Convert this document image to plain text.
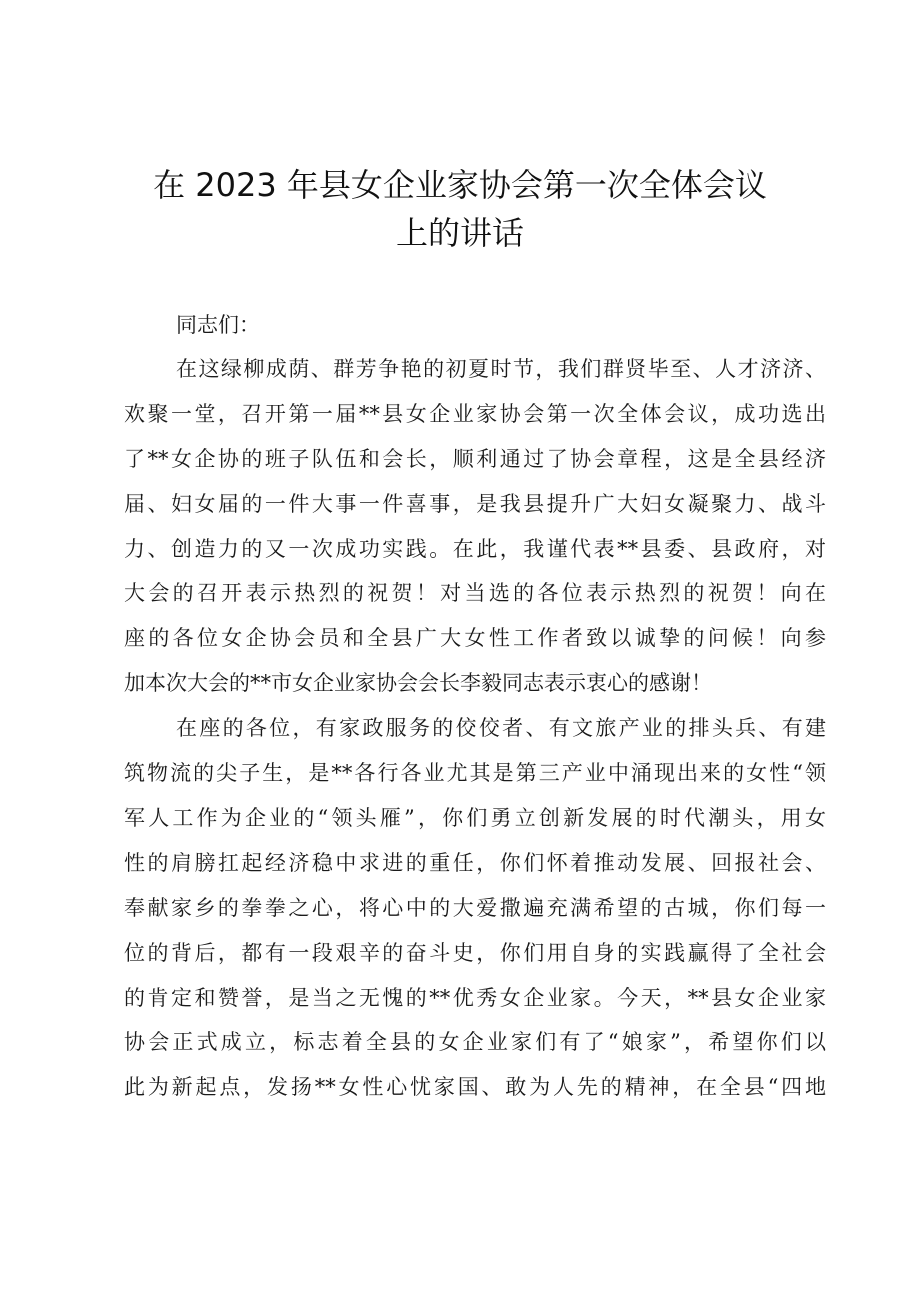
在 2023 年县女企业家协会第一次全体会议
上的讲话
同志们：
在这绿柳成荫、群芳争艳的初夏时节，我们群贤毕至、人才济济、
欢聚一堂，召开第一届**县女企业家协会第一次全体会议，成功选出
了**女企协的班子队伍和会长，顺利通过了协会章程，这是全县经济
届、妇女届的一件大事一件喜事，是我县提升广大妇女凝聚力、战斗
力、创造力的又一次成功实践。在此，我谨代表**县委、县政府，对
大会的召开表示热烈的祝贺！对当选的各位表示热烈的祝贺！向在
座的各位女企协会员和全县广大女性工作者致以诚挚的问候！向参
加本次大会的**市女企业家协会会长李毅同志表示衷心的感谢！
在座的各位，有家政服务的佼佼者、有文旅产业的排头兵、有建
筑物流的尖子生，是**各行各业尤其是第三产业中涌现出来的女性“领
军人工作为企业的“领头雁”，你们勇立创新发展的时代潮头，用女
性的肩膀扛起经济稳中求进的重任，你们怀着推动发展、回报社会、
奉献家乡的拳拳之心，将心中的大爱撒遍充满希望的古城，你们每一
位的背后，都有一段艰辛的奋斗史，你们用自身的实践赢得了全社会
的肯定和赞誉，是当之无愧的**优秀女企业家。今天，**县女企业家
协会正式成立，标志着全县的女企业家们有了“娘家”，希望你们以
此为新起点，发扬**女性心忧家国、敢为人先的精神，在全县“四地
